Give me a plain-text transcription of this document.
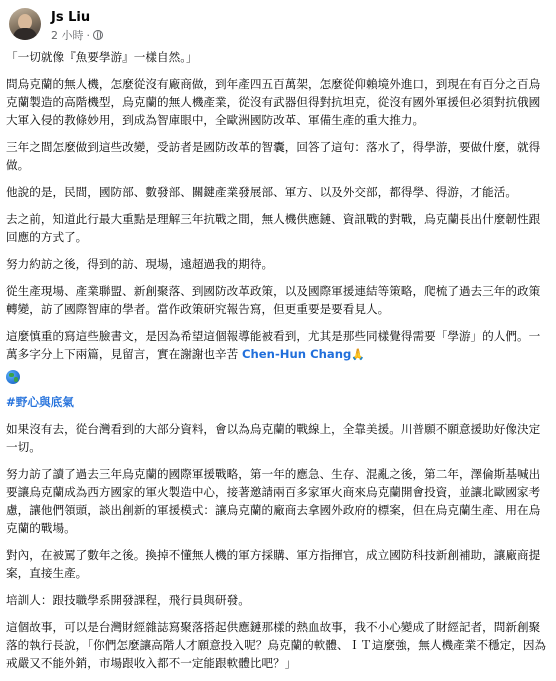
Js Liu
2 小時 ·

「一切就像『魚要學游』一樣自然。」

問烏克蘭的無人機，怎麼從沒有廠商做，到年產四五百萬架，怎麼從仰賴境外進口，到現在有百分之百烏克蘭製造的高階機型，烏克蘭的無人機產業，從沒有武器但得對抗坦克，從沒有國外軍援但必須對抗俄國大軍入侵的教條妙用，到成為智庫眼中，全歐洲國防改革、軍備生產的重大推力。

三年之間怎麼做到這些改變，受訪者是國防改革的智囊，回答了這句：落水了，得學游，要做什麼，就得做。

他說的是，民間，國防部、數發部、關鍵產業發展部、軍方、以及外交部，都得學、得游，才能活。

去之前，知道此行最大重點是理解三年抗戰之間，無人機供應鏈、資訊戰的對戰，烏克蘭長出什麼韌性跟回應的方式了。

努力約訪之後，得到的訪、現場，遠超過我的期待。

從生產現場、產業聯盟、新創聚落、到國防改革政策，以及國際軍援連結等策略，爬梳了過去三年的政策轉變，訪了國際智庫的學者。當作政策研究報告寫，但更重要是要看見人。

這麼慎重的寫這些臉書文，是因為希望這個報導能被看到，尤其是那些同樣覺得需要「學游」的人們。一萬多字分上下兩篇，見留言，實在謝謝也辛苦 Chen-Hun Chang🙏

#野心與底氣

如果沒有去，從台灣看到的大部分資料，會以為烏克蘭的戰線上，全靠美援。川普願不願意援助好像決定一切。

努力訪了讀了過去三年烏克蘭的國際軍援戰略，第一年的應急、生存、混亂之後，第二年，澤倫斯基喊出要讓烏克蘭成為西方國家的軍火製造中心，接著邀請兩百多家軍火商來烏克蘭開會投資，並讓北歐國家考慮，讓他們領頭，談出創新的軍援模式：讓烏克蘭的廠商去拿國外政府的標案，但在烏克蘭生產、用在烏克蘭的戰場。

對內，在被罵了數年之後。換掉不懂無人機的軍方採購、軍方指揮官，成立國防科技新創補助，讓廠商提案，直接生產。

培訓人：跟技職學系開發課程，飛行員與研發。

這個故事，可以是台灣財經雜誌寫聚落搭起供應鏈那樣的熱血故事，我不小心變成了財經記者，問新創聚落的執行長說，「你們怎麼讓高階人才願意投入呢？烏克蘭的軟體、ＩＴ這麼強，無人機產業不穩定，因為戒嚴又不能外銷，市場跟收入都不一定能跟軟體比吧？」
